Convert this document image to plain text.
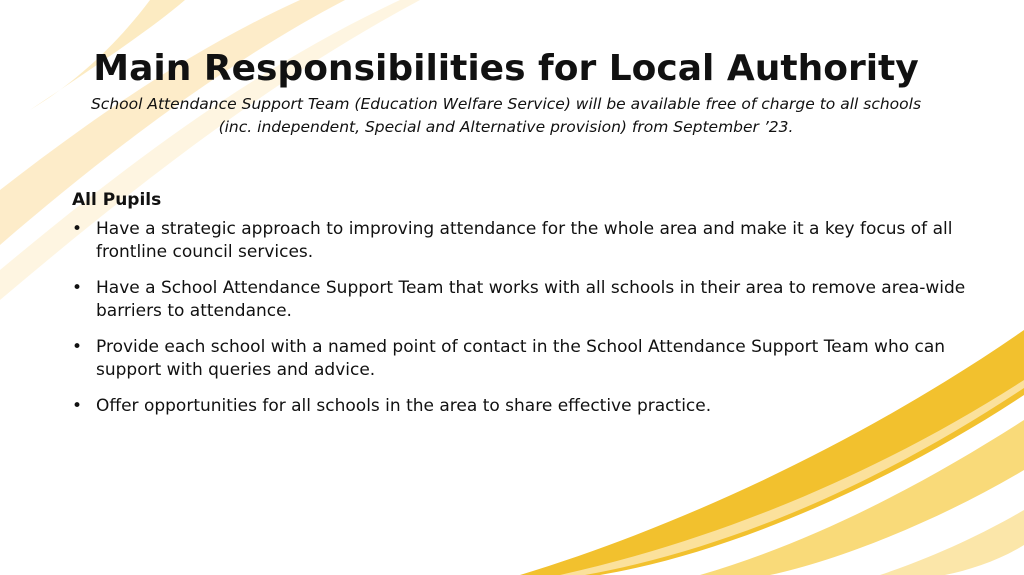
Main Responsibilities for Local Authority

School Attendance Support Team (Education Welfare Service) will be available free of charge to all schools (inc. independent, Special and Alternative provision) from September ’23.

All Pupils
• Have a strategic approach to improving attendance for the whole area and make it a key focus of all frontline council services.
• Have a School Attendance Support Team that works with all schools in their area to remove area-wide barriers to attendance.
• Provide each school with a named point of contact in the School Attendance Support Team who can support with queries and advice.
• Offer opportunities for all schools in the area to share effective practice.
